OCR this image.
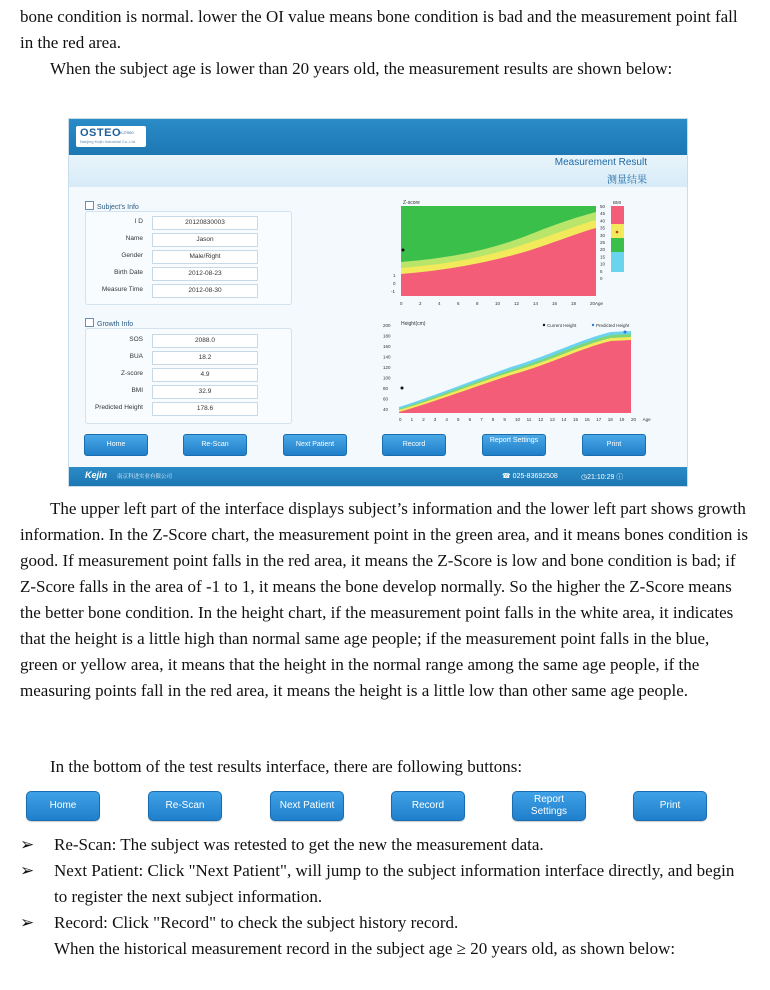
bone condition is normal. lower the OI value means bone condition is bad and the measurement point fall in the red area.

When the subject age is lower than 20 years old, the measurement results are shown below:

OSTEO
KJ7000
Nanjing Kejin Industrial Co.,Ltd.
Measurement Result
测量结果
Subject's Info
Growth Info
Z-score
1
0
-1
0	2	4	6	8	10	12	14	16	18	20Age
BMI
50
45
40
35
30
25
20
15
10
5
0
Height(cm)	Current Height	Predicted Height
200
180
160
140
120
100
80
60
40
0 1 2 3 4 5 6 7 8 9 10 11 12 13 14 15 16 17 18 19 20 Age
Home	Re-Scan	Next Patient	Record
Report Settings
Print
Kejin 南京科进实业有限公司	☎ 025-83692508	◷21:10:29 ⓘ
I D	20120830003
Name	Jason
Gender	Male/Right
Birth Date	2012-08-23
Measure Time	2012-08-30
SOS	2088.0
BUA	18.2
Z-score	4.9
BMI	32.9
Predicted Height	178.6

The upper left part of the interface displays subject’s information and the lower left part shows growth information. In the Z-Score chart, the measurement point in the green area, and it means bones condition is good. If measurement point falls in the red area, it means the Z-Score is low and bone condition is bad; if Z-Score falls in the area of -1 to 1, it means the bone develop normally. So the higher the Z-Score means the better bone condition. In the height chart, if the measurement point falls in the white area, it indicates that the height is a little high than normal same age people; if the measurement point falls in the blue, green or yellow area, it means that the height in the normal range among the same age people, if the measuring points fall in the red area, it means the height is a little low than other same age people.

In the bottom of the test results interface, there are following buttons:

Home	Re-Scan	Next Patient	Record
Report
Settings
Print
➢ Re-Scan: The subject was retested to get the new the measurement data.
➢ Next Patient: Click "Next Patient", will jump to the subject information interface directly, and begin to register the next subject information.
➢ Record: Click "Record" to check the subject history record.

When the historical measurement record in the subject age ≥ 20 years old, as shown below:
